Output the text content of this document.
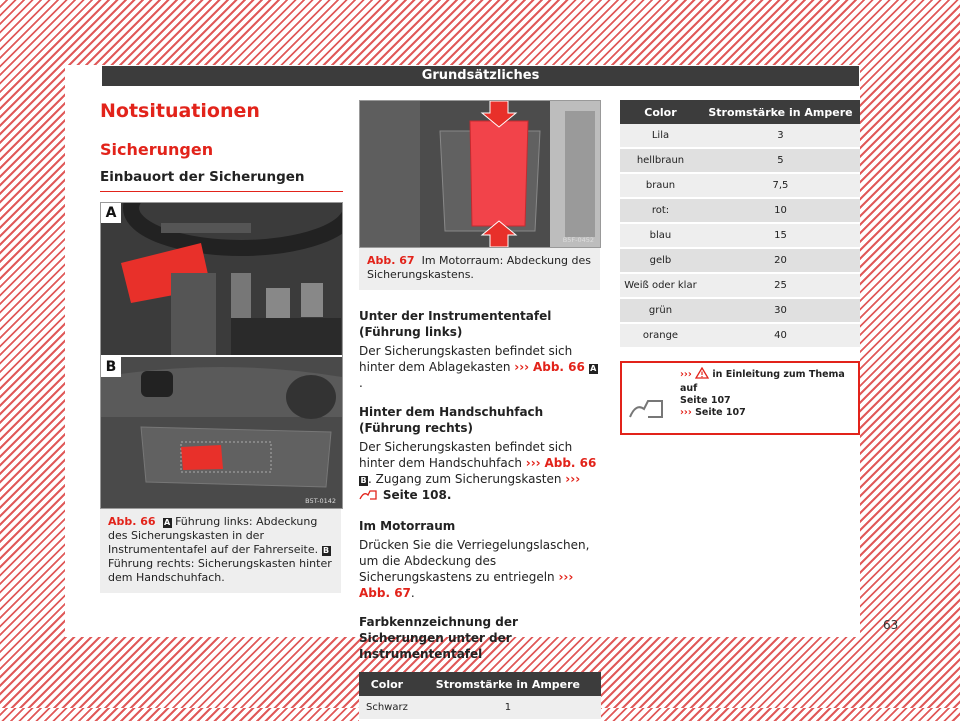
Grundsätzliches
Notsituationen
Sicherungen
Einbauort der Sicherungen
A
B
B5T-0142
Abb. 66 A Führung links: Abdeckung des Sicherungskasten in der Instrumententafel auf der Fahrerseite. B Führung rechts: Sicherungskasten hinter dem Handschuhfach.
B5F-0452
Abb. 67 Im Motorraum: Abdeckung des Sicherungskastens.
Unter der Instrumententafel (Führung links)
Der Sicherungskasten befindet sich hinter dem Ablagekasten ››› Abb. 66 A.
Hinter dem Handschuhfach (Führung rechts)
Der Sicherungskasten befindet sich hinter dem Handschuhfach ››› Abb. 66 B. Zugang zum Sicherungskasten ›››  Seite 108.
Im Motorraum
Drücken Sie die Verriegelungslaschen, um die Abdeckung des Sicherungskastens zu entriegeln ››› Abb. 67.
Farbkennzeichnung der Sicherungen unter der Instrumententafel
Color	Stromstärke in Ampere
Schwarz	1
Color	Stromstärke in Ampere
Lila	3
hellbraun	5
braun	7,5
rot:	10
blau	15
gelb	20
Weiß oder klar	25
grün	30
orange	40
››› in Einleitung zum Thema auf
Seite 107
››› Seite 107
63
